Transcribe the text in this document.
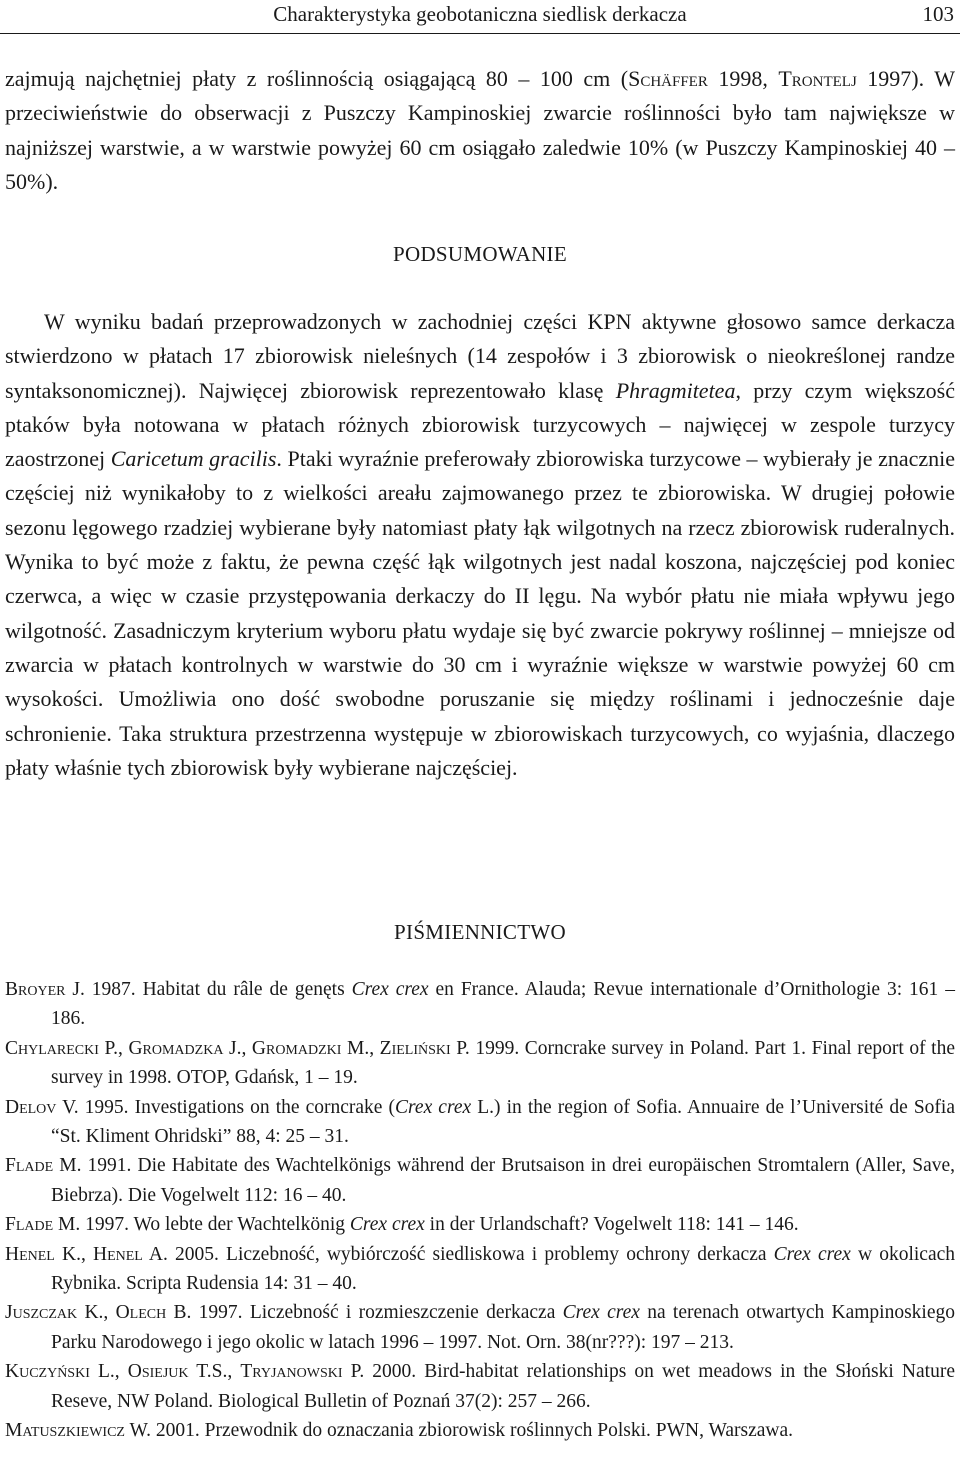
Charakterystyka geobotaniczna siedlisk derkacza	103

zajmują najchętniej płaty z roślinnością osiągającą 80 – 100 cm (Schäffer 1998, Trontelj 1997). W przeciwieństwie do obserwacji z Puszczy Kampinoskiej zwarcie roślinności było tam największe w najniższej warstwie, a w warstwie powyżej 60 cm osiągało zaledwie 10% (w Puszczy Kampinoskiej 40 – 50%).

PODSUMOWANIE

W wyniku badań przeprowadzonych w zachodniej części KPN aktywne głosowo samce derkacza stwierdzono w płatach 17 zbiorowisk nieleśnych (14 zespołów i 3 zbiorowisk o nieokreślonej randze syntaksonomicznej). Najwięcej zbiorowisk reprezentowało klasę Phragmitetea, przy czym większość ptaków była notowana w płatach różnych zbiorowisk turzycowych – najwięcej w zespole turzycy zaostrzonej Caricetum gracilis. Ptaki wyraźnie preferowały zbiorowiska turzycowe – wybierały je znacznie częściej niż wynikałoby to z wielkości areału zajmowanego przez te zbiorowiska. W drugiej połowie sezonu lęgowego rzadziej wybierane były natomiast płaty łąk wilgotnych na rzecz zbiorowisk ruderalnych. Wynika to być może z faktu, że pewna część łąk wilgotnych jest nadal koszona, najczęściej pod koniec czerwca, a więc w czasie przystępowania derkaczy do II lęgu. Na wybór płatu nie miała wpływu jego wilgotność. Zasadniczym kryterium wyboru płatu wydaje się być zwarcie pokrywy roślinnej – mniejsze od zwarcia w płatach kontrolnych w warstwie do 30 cm i wyraźnie większe w warstwie powyżej 60 cm wysokości. Umożliwia ono dość swobodne poruszanie się między roślinami i jednocześnie daje schronienie. Taka struktura przestrzenna występuje w zbiorowiskach turzycowych, co wyjaśnia, dlaczego płaty właśnie tych zbiorowisk były wybierane najczęściej.

PIŚMIENNICTWO
Broyer J. 1987. Habitat du râle de genęts Crex crex en France. Alauda; Revue internationale d’Ornithologie 3: 161 – 186.
Chylarecki P., Gromadzka J., Gromadzki M., Zieliński P. 1999. Corncrake survey in Poland. Part 1. Final report of the survey in 1998. OTOP, Gdańsk, 1 – 19.
Delov V. 1995. Investigations on the corncrake (Crex crex L.) in the region of Sofia. Annuaire de l’Université de Sofia “St. Kliment Ohridski” 88, 4: 25 – 31.
Flade M. 1991. Die Habitate des Wachtelkönigs während der Brutsaison in drei europäischen Stromtalern (Aller, Save, Biebrza). Die Vogelwelt 112: 16 – 40.
Flade M. 1997. Wo lebte der Wachtelkönig Crex crex in der Urlandschaft? Vogelwelt 118: 141 – 146.
Henel K., Henel A. 2005. Liczebność, wybiórczość siedliskowa i problemy ochrony derkacza Crex crex w okolicach Rybnika. Scripta Rudensia 14: 31 – 40.
Juszczak K., Olech B. 1997. Liczebność i rozmieszczenie derkacza Crex crex na terenach otwartych Kampinoskiego Parku Narodowego i jego okolic w latach 1996 – 1997. Not. Orn. 38(nr???): 197 – 213.
Kuczyński L., Osiejuk T.S., Tryjanowski P. 2000. Bird-habitat relationships on wet meadows in the Słoński Nature Reseve, NW Poland. Biological Bulletin of Poznań 37(2): 257 – 266.
Matuszkiewicz W. 2001. Przewodnik do oznaczania zbiorowisk roślinnych Polski. PWN, Warszawa.
